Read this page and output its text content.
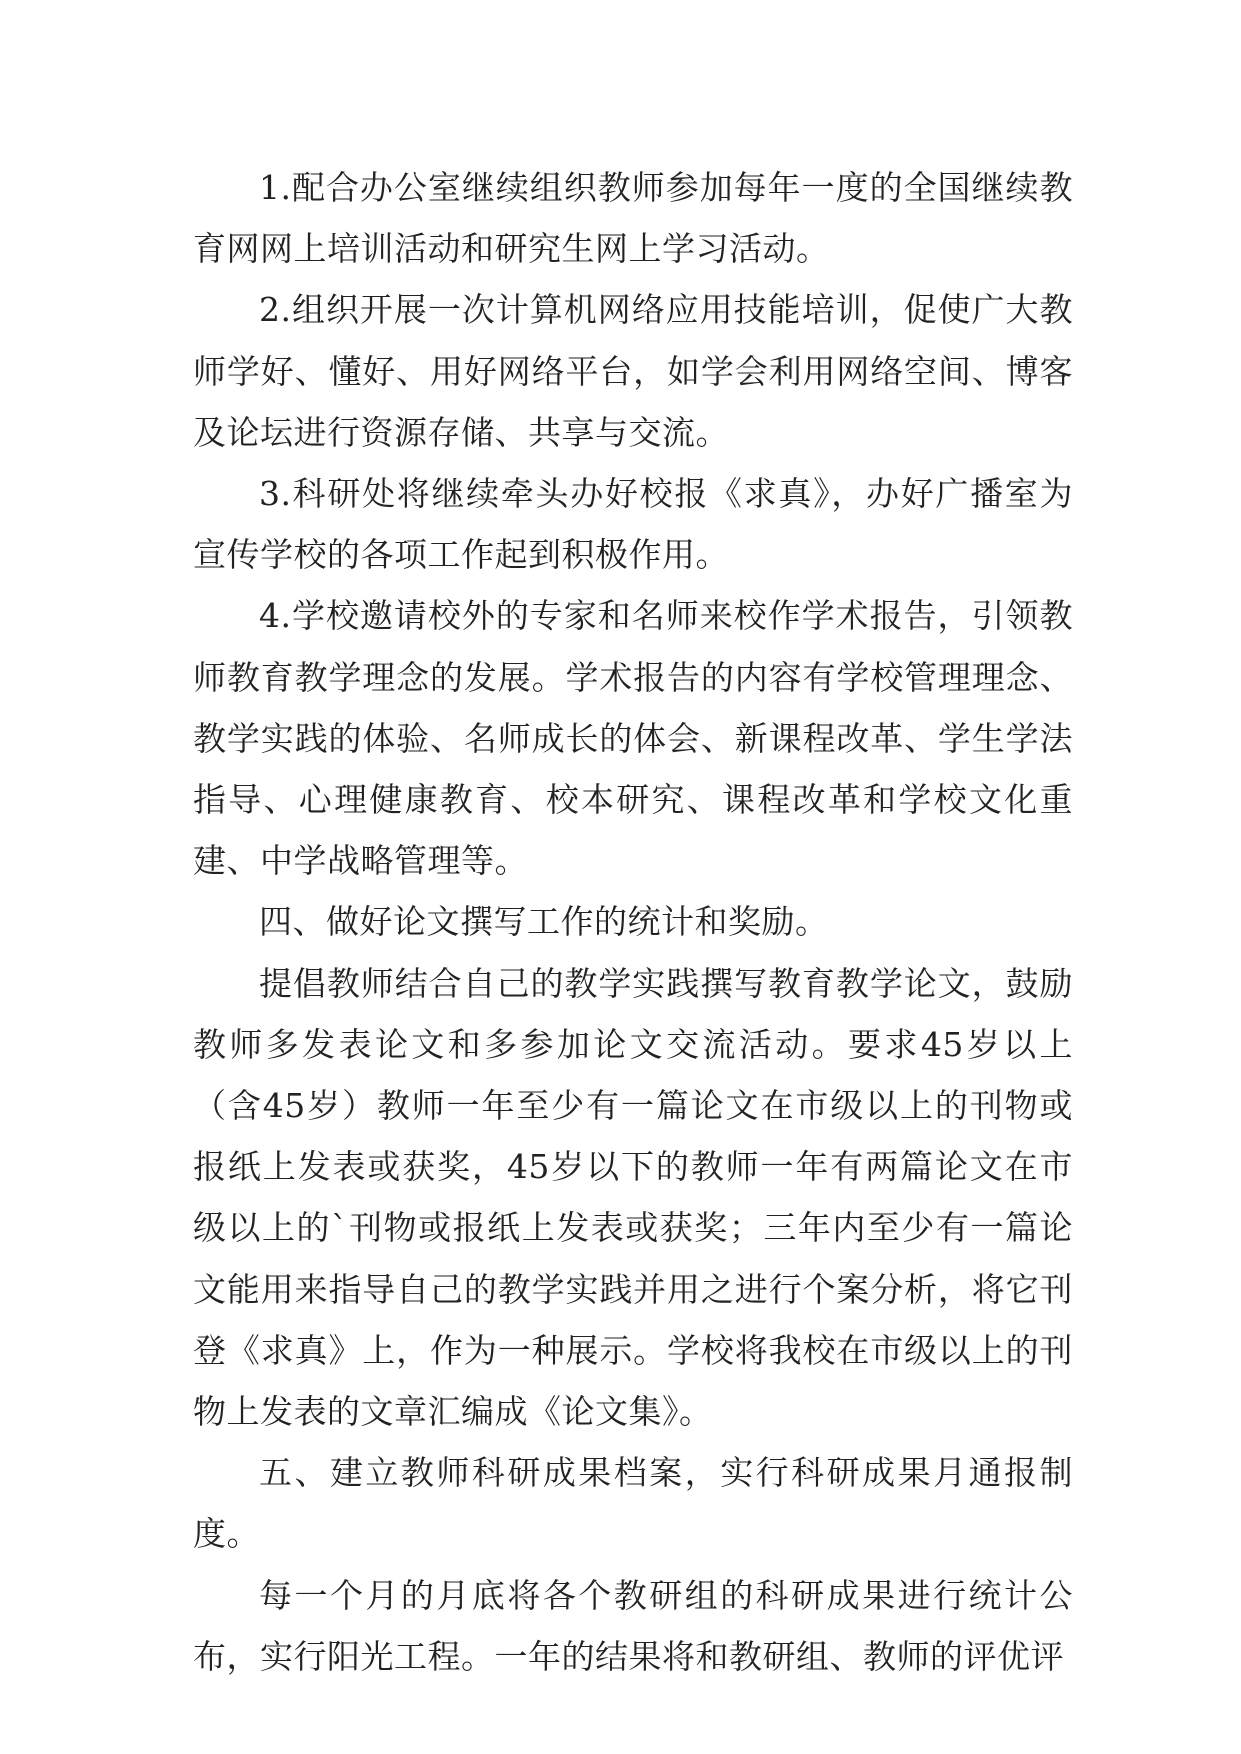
1.配合办公室继续组织教师参加每年一度的全国继续教育网网上培训活动和研究生网上学习活动。

2.组织开展一次计算机网络应用技能培训，促使广大教师学好、懂好、用好网络平台，如学会利用网络空间、博客及论坛进行资源存储、共享与交流。

3.科研处将继续牵头办好校报《求真》，办好广播室为宣传学校的各项工作起到积极作用。

4.学校邀请校外的专家和名师来校作学术报告，引领教师教育教学理念的发展。学术报告的内容有学校管理理念、教学实践的体验、名师成长的体会、新课程改革、学生学法指导、心理健康教育、校本研究、课程改革和学校文化重建、中学战略管理等。

四、做好论文撰写工作的统计和奖励。

提倡教师结合自己的教学实践撰写教育教学论文，鼓励教师多发表论文和多参加论文交流活动。要求45岁以上（含45岁）教师一年至少有一篇论文在市级以上的刊物或报纸上发表或获奖，45岁以下的教师一年有两篇论文在市级以上的`刊物或报纸上发表或获奖；三年内至少有一篇论文能用来指导自己的教学实践并用之进行个案分析，将它刊登《求真》上，作为一种展示。学校将我校在市级以上的刊物上发表的文章汇编成《论文集》。

五、建立教师科研成果档案，实行科研成果月通报制度。

每一个月的月底将各个教研组的科研成果进行统计公布，实行阳光工程。一年的结果将和教研组、教师的评优评
